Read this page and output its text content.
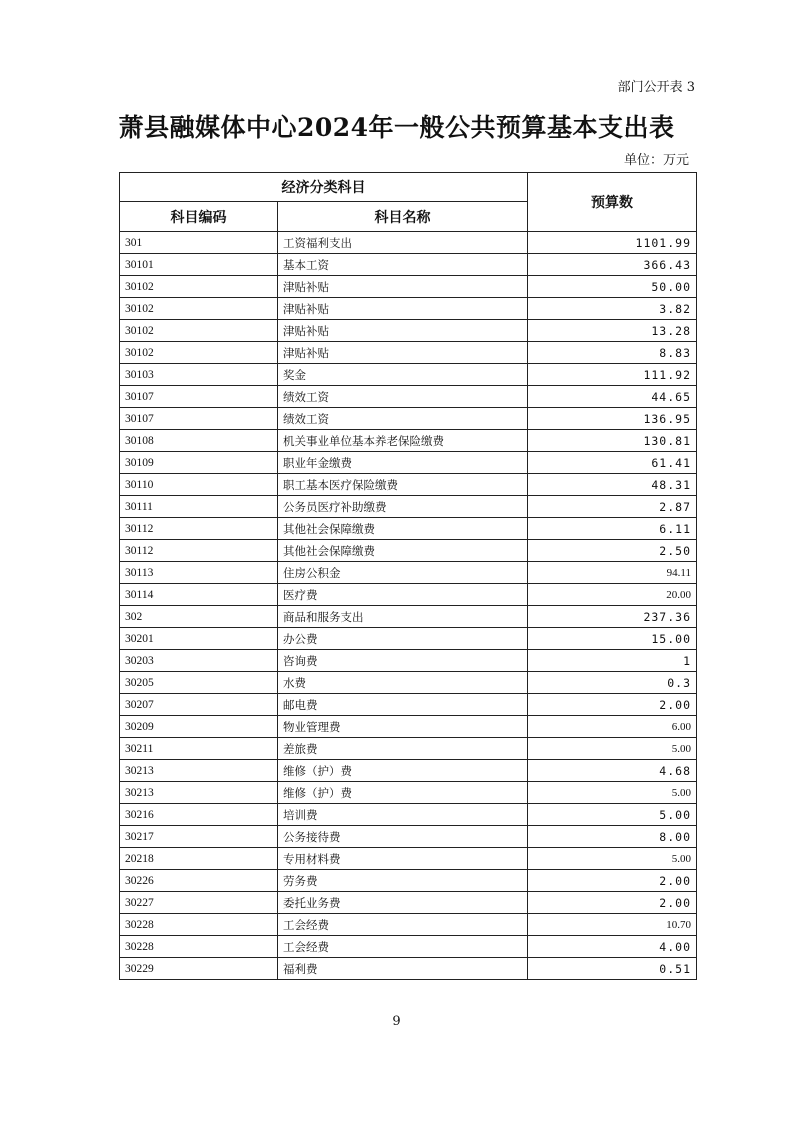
部门公开表 3
萧县融媒体中心2024年一般公共预算基本支出表
单位：万元
经济分类科目		预算数
科目编码	科目名称	
301	工资福利支出	1101.99
30101	基本工资	366.43
30102	津贴补贴	50.00
30102	津贴补贴	3.82
30102	津贴补贴	13.28
30102	津贴补贴	8.83
30103	奖金	111.92
30107	绩效工资	44.65
30107	绩效工资	136.95
30108	机关事业单位基本养老保险缴费	130.81
30109	职业年金缴费	61.41
30110	职工基本医疗保险缴费	48.31
30111	公务员医疗补助缴费	2.87
30112	其他社会保障缴费	6.11
30112	其他社会保障缴费	2.50
30113	住房公积金	94.11
30114	医疗费	20.00
302	商品和服务支出	237.36
30201	办公费	15.00
30203	咨询费	1
30205	水费	0.3
30207	邮电费	2.00
30209	物业管理费	6.00
30211	差旅费	5.00
30213	维修（护）费	4.68
30213	维修（护）费	5.00
30216	培训费	5.00
30217	公务接待费	8.00
20218	专用材料费	5.00
30226	劳务费	2.00
30227	委托业务费	2.00
30228	工会经费	10.70
30228	工会经费	4.00
30229	福利费	0.51
9
